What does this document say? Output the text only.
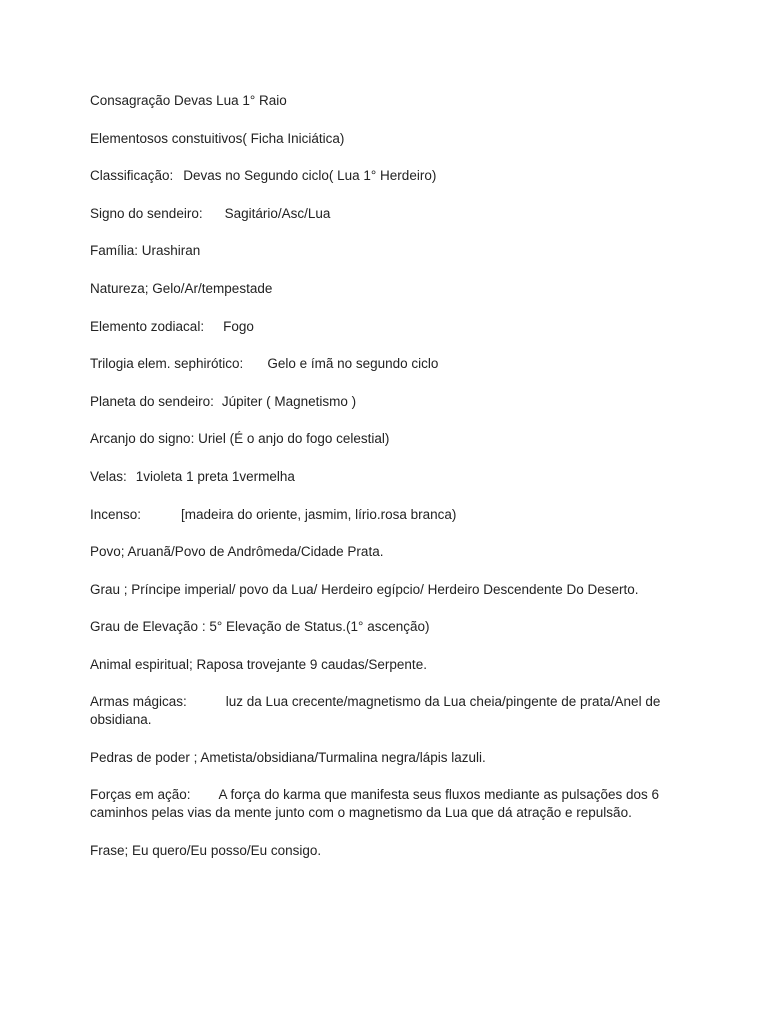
Consagração Devas Lua 1° Raio

Elementosos constuitivos( Ficha Iniciática)

Classificação: Devas no Segundo ciclo( Lua 1° Herdeiro)

Signo do sendeiro: Sagitário/Asc/Lua

Família: Urashiran

Natureza; Gelo/Ar/tempestade

Elemento zodiacal: Fogo

Trilogia elem. sephirótico: Gelo e ímã no segundo ciclo

Planeta do sendeiro: Júpiter ( Magnetismo )

Arcanjo do signo: Uriel (É o anjo do fogo celestial)

Velas: 1violeta 1 preta 1vermelha

Incenso:	[madeira do oriente, jasmim, lírio.rosa branca)

Povo; Aruanã/Povo de Andrômeda/Cidade Prata.

Grau ; Príncipe imperial/ povo da Lua/ Herdeiro egípcio/ Herdeiro Descendente Do Deserto.

Grau de Elevação : 5° Elevação de Status.(1° ascenção)

Animal espiritual; Raposa trovejante 9 caudas/Serpente.

Armas mágicas:	luz da Lua crecente/magnetismo da Lua cheia/pingente de prata/Anel de obsidiana.

Pedras de poder ; Ametista/obsidiana/Turmalina negra/lápis lazuli.

Forças em ação: A força do karma que manifesta seus fluxos mediante as pulsações dos 6 caminhos pelas vias da mente junto com o magnetismo da Lua que dá atração e repulsão.

Frase; Eu quero/Eu posso/Eu consigo.
